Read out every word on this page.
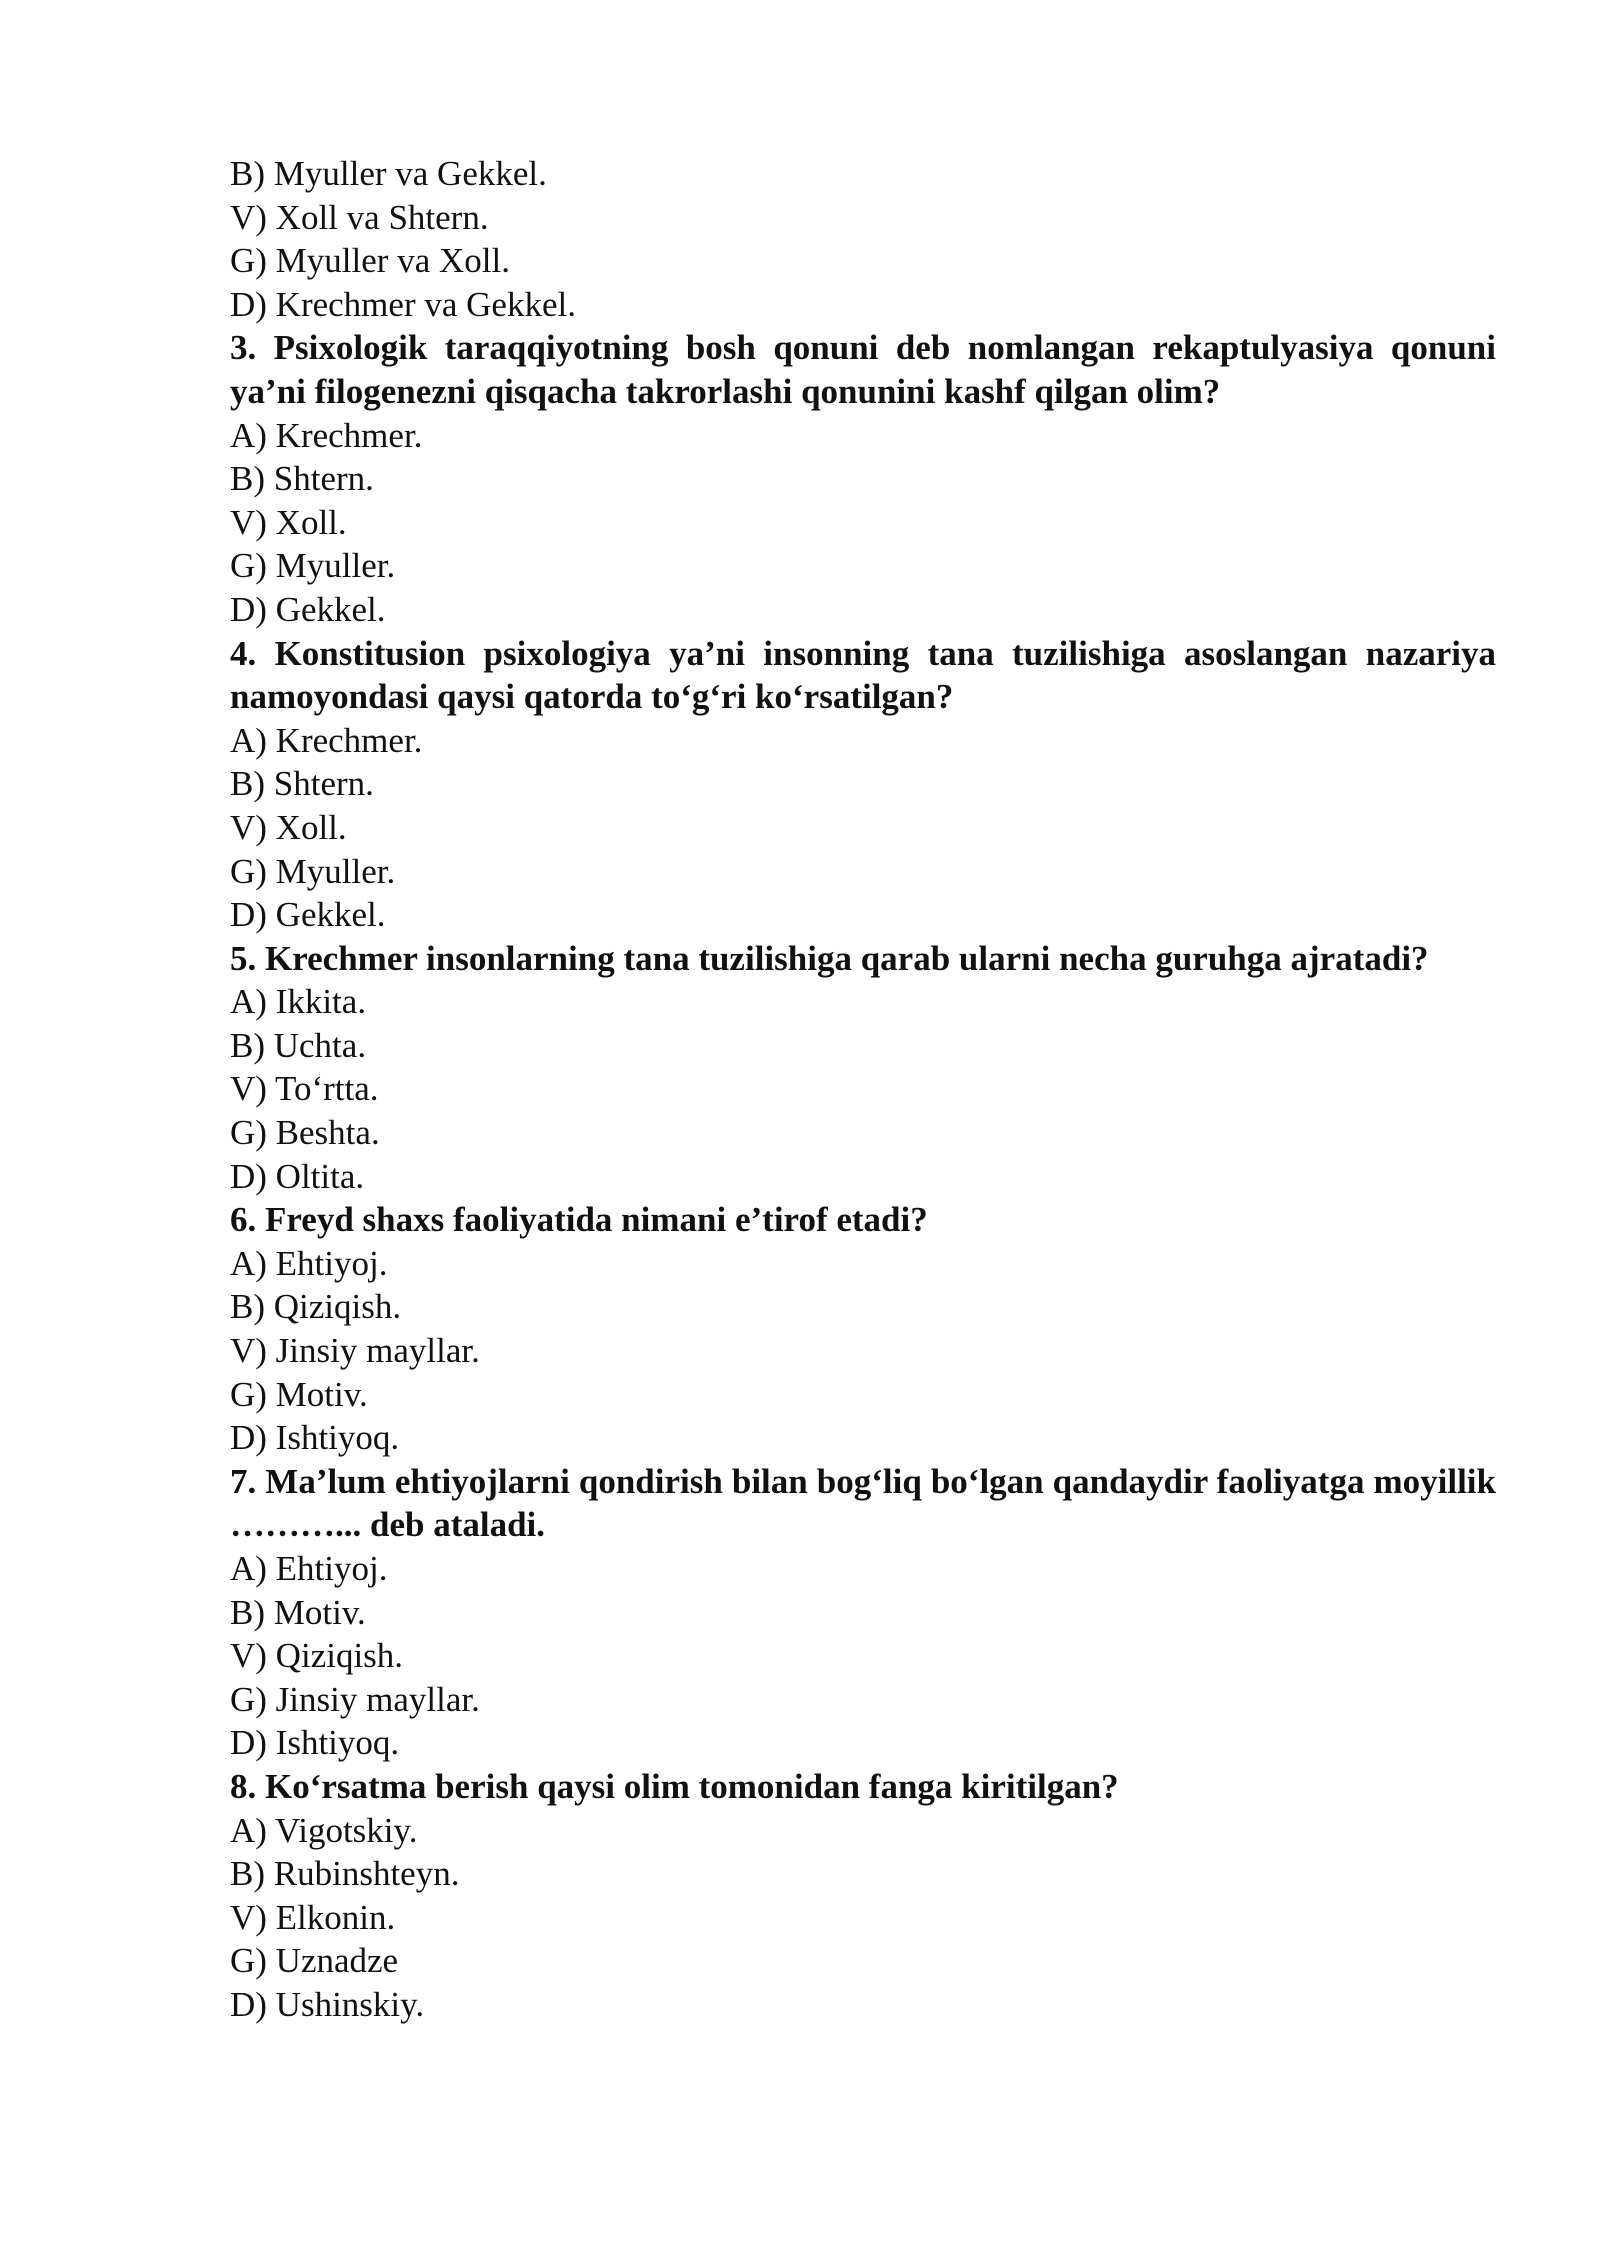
B) Myuller va Gekkel.

V) Xoll va Shtern.

G) Myuller va Xoll.

D) Krechmer va Gekkel.

3. Psixologik taraqqiyotning bosh qonuni deb nomlangan rekaptulyasiya qonuni ya’ni filogenezni qisqacha takrorlashi qonunini kashf qilgan olim?

A) Krechmer.

B) Shtern.

V) Xoll.

G) Myuller.

D) Gekkel.

4. Konstitusion psixologiya ya’ni insonning tana tuzilishiga asoslangan nazariya namoyondasi qaysi qatorda to‘g‘ri ko‘rsatilgan?

A) Krechmer.

B) Shtern.

V) Xoll.

G) Myuller.

D) Gekkel.

5. Krechmer insonlarning tana tuzilishiga qarab ularni necha guruhga ajratadi?

A) Ikkita.

B) Uchta.

V) To‘rtta.

G) Beshta.

D) Oltita.

6. Freyd shaxs faoliyatida nimani e’tirof etadi?

A) Ehtiyoj.

B) Qiziqish.

V) Jinsiy mayllar.

G) Motiv.

D) Ishtiyoq.

7. Ma’lum ehtiyojlarni qondirish bilan bog‘liq bo‘lgan qandaydir faoliyatga moyillik ………... deb ataladi.

A) Ehtiyoj.

B) Motiv.

V) Qiziqish.

G) Jinsiy mayllar.

D) Ishtiyoq.

8. Ko‘rsatma berish qaysi olim tomonidan fanga kiritilgan?

A) Vigotskiy.

B) Rubinshteyn.

V) Elkonin.

G) Uznadze

D) Ushinskiy.
